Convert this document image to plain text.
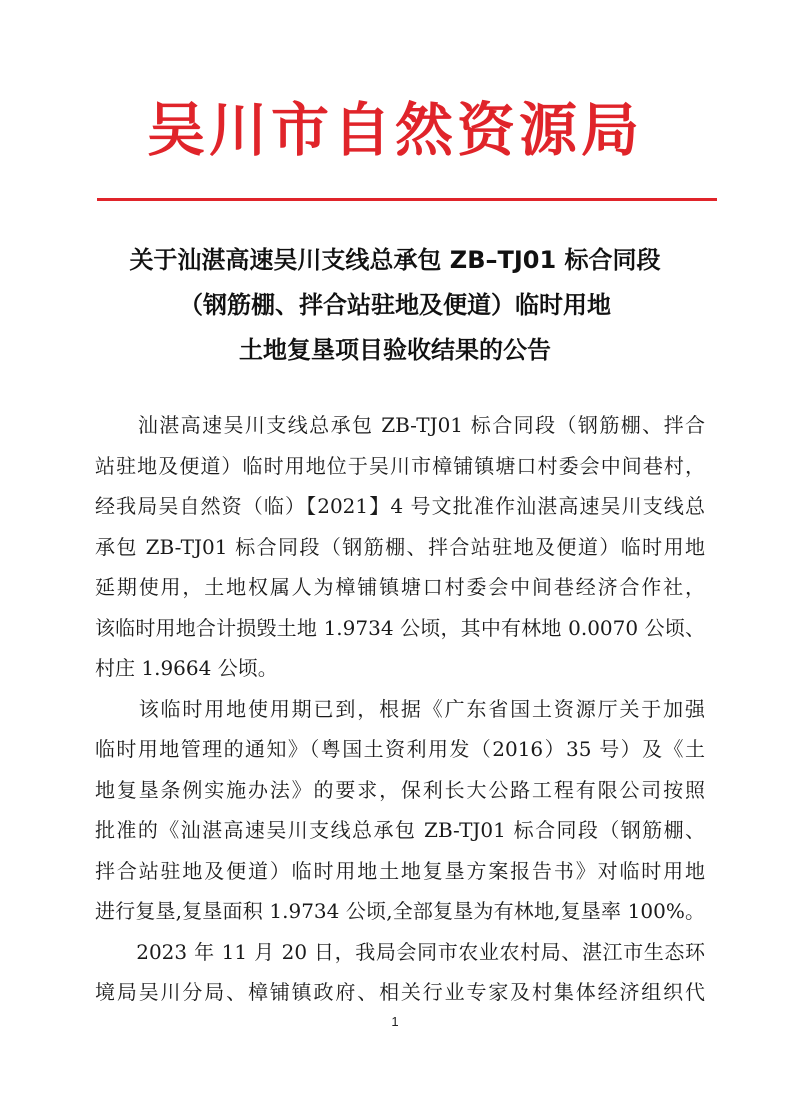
吴川市自然资源局
关于汕湛高速吴川支线总承包 ZB–TJ01 标合同段
（钢筋棚、拌合站驻地及便道）临时用地
土地复垦项目验收结果的公告
　　汕湛高速吴川支线总承包 ZB-TJ01 标合同段（钢筋棚、拌合
站驻地及便道）临时用地位于吴川市樟铺镇塘口村委会中间巷村，
经我局吴自然资（临）【2021】4 号文批准作汕湛高速吴川支线总
承包 ZB-TJ01 标合同段（钢筋棚、拌合站驻地及便道）临时用地
延期使用，土地权属人为樟铺镇塘口村委会中间巷经济合作社，
该临时用地合计损毁土地 1.9734 公顷，其中有林地 0.0070 公顷、
村庄 1.9664 公顷。
　　该临时用地使用期已到，根据《广东省国土资源厅关于加强
临时用地管理的通知》（粤国土资利用发（2016）35 号）及《土
地复垦条例实施办法》的要求，保利长大公路工程有限公司按照
批准的《汕湛高速吴川支线总承包 ZB-TJ01 标合同段（钢筋棚、
拌合站驻地及便道）临时用地土地复垦方案报告书》对临时用地
进行复垦,复垦面积 1.9734 公顷,全部复垦为有林地,复垦率 100%。
　　2023 年 11 月 20 日，我局会同市农业农村局、湛江市生态环
境局吴川分局、樟铺镇政府、相关行业专家及村集体经济组织代
1
